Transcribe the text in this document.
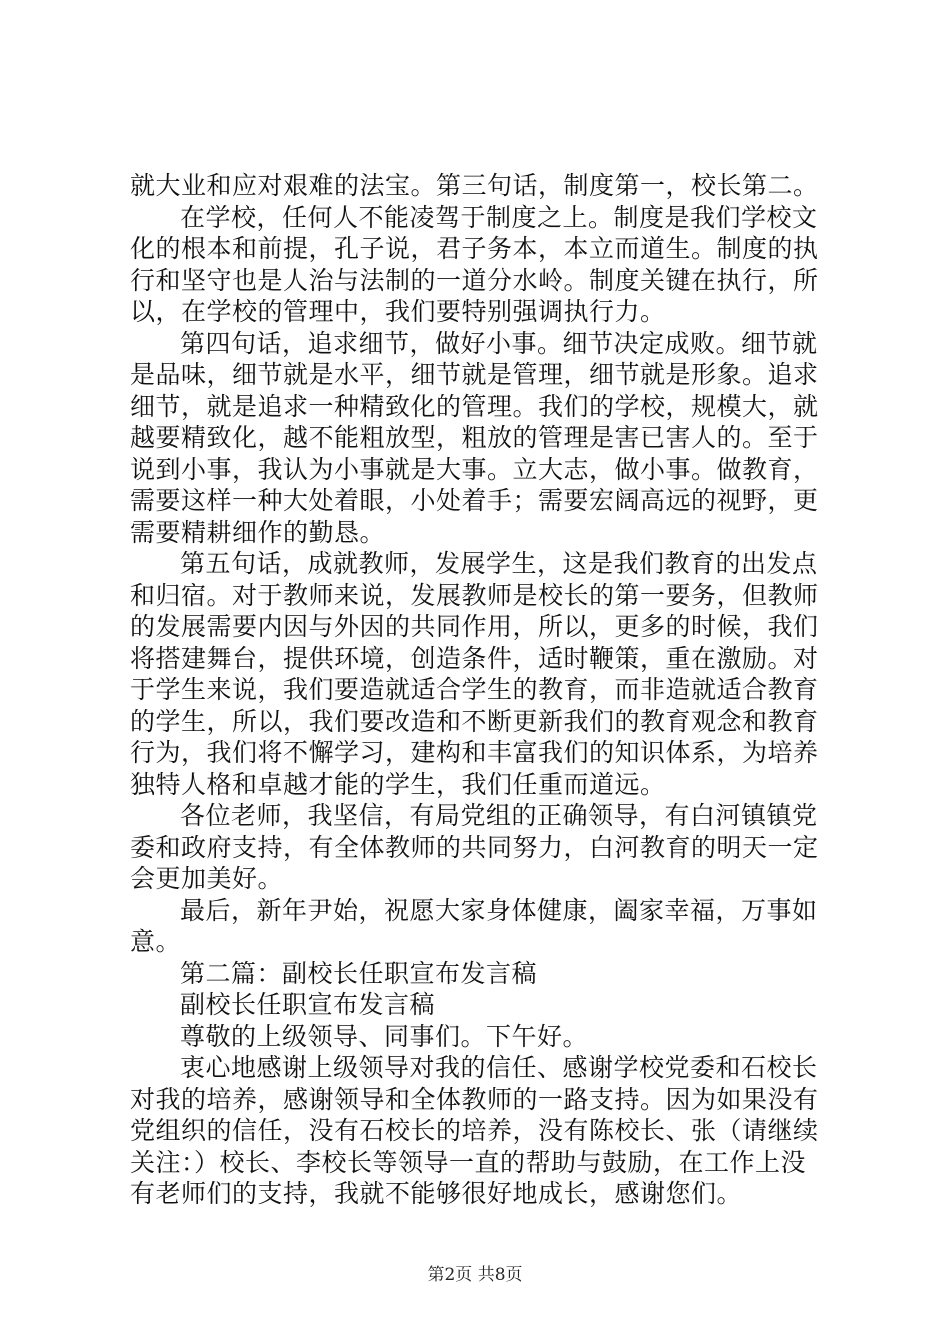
就大业和应对艰难的法宝。第三句话，制度第一，校长第二。
在学校，任何人不能凌驾于制度之上。制度是我们学校文
化的根本和前提，孔子说，君子务本，本立而道生。制度的执
行和坚守也是人治与法制的一道分水岭。制度关键在执行，所
以，在学校的管理中，我们要特别强调执行力。
第四句话，追求细节，做好小事。细节决定成败。细节就
是品味，细节就是水平，细节就是管理，细节就是形象。追求
细节，就是追求一种精致化的管理。我们的学校，规模大，就
越要精致化，越不能粗放型，粗放的管理是害已害人的。至于
说到小事，我认为小事就是大事。立大志，做小事。做教育，
需要这样一种大处着眼，小处着手；需要宏阔高远的视野，更
需要精耕细作的勤恳。
第五句话，成就教师，发展学生，这是我们教育的出发点
和归宿。对于教师来说，发展教师是校长的第一要务，但教师
的发展需要内因与外因的共同作用，所以，更多的时候，我们
将搭建舞台，提供环境，创造条件，适时鞭策，重在激励。对
于学生来说，我们要造就适合学生的教育，而非造就适合教育
的学生，所以，我们要改造和不断更新我们的教育观念和教育
行为，我们将不懈学习，建构和丰富我们的知识体系，为培养
独特人格和卓越才能的学生，我们任重而道远。
各位老师，我坚信，有局党组的正确领导，有白河镇镇党
委和政府支持，有全体教师的共同努力，白河教育的明天一定
会更加美好。
最后，新年尹始，祝愿大家身体健康，阖家幸福，万事如
意。
第二篇：副校长任职宣布发言稿
副校长任职宣布发言稿
尊敬的上级领导、同事们。下午好。
衷心地感谢上级领导对我的信任、感谢学校党委和石校长
对我的培养，感谢领导和全体教师的一路支持。因为如果没有
党组织的信任，没有石校长的培养，没有陈校长、张（请继续
关注：）校长、李校长等领导一直的帮助与鼓励，在工作上没
有老师们的支持，我就不能够很好地成长，感谢您们。
第2页 共8页
